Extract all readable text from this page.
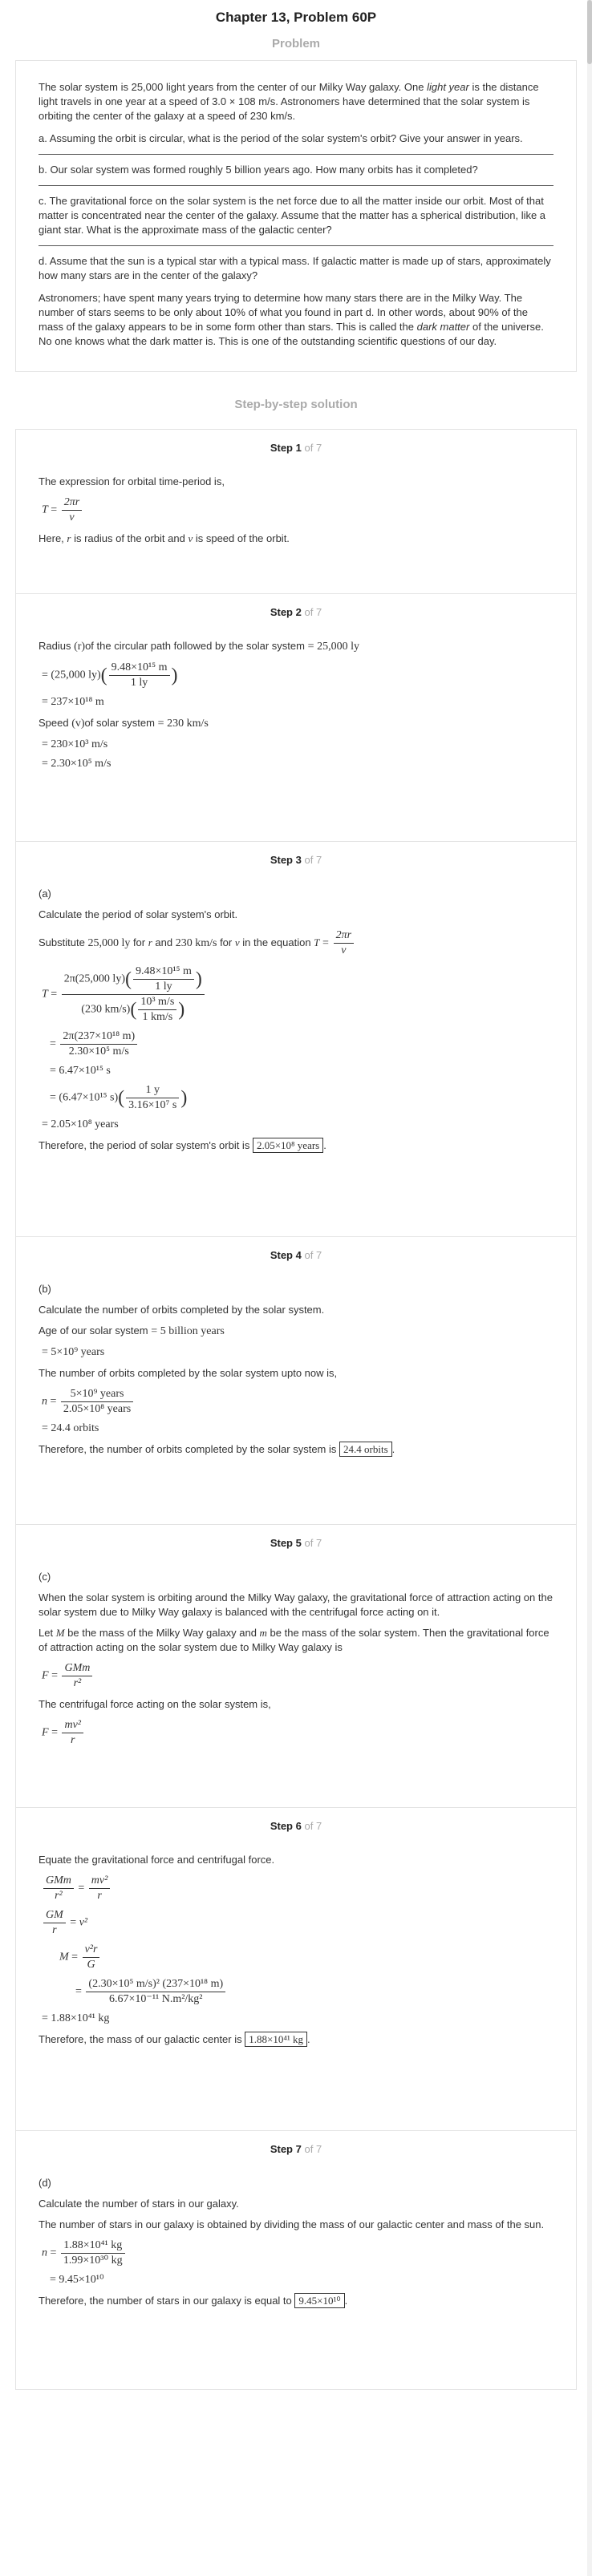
Chapter 13, Problem 60P
Problem

The solar system is 25,000 light years from the center of our Milky Way galaxy. One light year is the distance light travels in one year at a speed of 3.0 × 108 m/s. Astronomers have determined that the solar system is orbiting the center of the galaxy at a speed of 230 km/s.

a. Assuming the orbit is circular, what is the period of the solar system's orbit? Give your answer in years.

b. Our solar system was formed roughly 5 billion years ago. How many orbits has it completed?

c. The gravitational force on the solar system is the net force due to all the matter inside our orbit. Most of that matter is concentrated near the center of the galaxy. Assume that the matter has a spherical distribution, like a giant star. What is the approximate mass of the galactic center?

d. Assume that the sun is a typical star with a typical mass. If galactic matter is made up of stars, approximately how many stars are in the center of the galaxy?

Astronomers; have spent many years trying to determine how many stars there are in the Milky Way. The number of stars seems to be only about 10% of what you found in part d. In other words, about 90% of the mass of the galaxy appears to be in some form other than stars. This is called the dark matter of the universe. No one knows what the dark matter is. This is one of the outstanding scientific questions of our day.

Step-by-step solution
Step 1 of 7

The expression for orbital time-period is,

$T = \frac{2\pi r}{v}$

Here, r is radius of the orbit and v is speed of the orbit.

Step 2 of 7

Radius (r)of the circular path followed by the solar system = 25,000 ly

= (25,000 $ly)( \frac{\text{9.48×10¹⁵ m}}{1 ly}$ )
= 237×10¹⁸ m

Speed (v)of solar system = 230 km/s

= 230×10³ m/s
= 2.30×10⁵ m/s
Step 3 of 7

(a)

Calculate the period of solar system's orbit.

Substitute 25,000 ly for r and 230 km/s for v in the equation $T = \frac{2\pi r}{v}$

$T = \frac{2\pi(25,000 ly)( \frac{\text{9.48×10¹⁵ m}}{1 ly} )}{(230 km/s)( \frac{\text{10³ m/s}}{1 km/s} )}$
= $\frac{\text{2π(237×10¹⁸ m)}}{\text{2.30×10⁵ m/s}}$
= 6.47×10¹⁵ s
= (6.47×10¹⁵ $s)( \frac{1 y}{\text{3.16×10⁷ s}}$ )
= 2.05×10⁸ years

Therefore, the period of solar system's orbit is 2.05×10⁸ years .

Step 4 of 7

(b)

Calculate the number of orbits completed by the solar system.

Age of our solar system = 5 billion years

= 5×10⁹ years

The number of orbits completed by the solar system upto now is,

$n = \frac{\text{5×10⁹ years}}{\text{2.05×10⁸ years}}$
= 24.4 orbits

Therefore, the number of orbits completed by the solar system is 24.4 orbits .

Step 5 of 7

(c)

When the solar system is orbiting around the Milky Way galaxy, the gravitational force of attraction acting on the solar system due to Milky Way galaxy is balanced with the centrifugal force acting on it.

Let M be the mass of the Milky Way galaxy and m be the mass of the solar system. Then the gravitational force of attraction acting on the solar system due to Milky Way galaxy is

$F = \frac{\text{GMm}}{\text{r²}}$

The centrifugal force acting on the solar system is,

$F = \frac{\text{mv²}}{r}$
Step 6 of 7

Equate the gravitational force and centrifugal force.

$\frac{\text{GMm}}{\text{r²}} = \frac{\text{mv²}}{r}$
$\frac{GM}{r} = v^2$
$M = \frac{\text{v²r}}{G}$
= $\frac{\text{(2.30×10⁵ m/s)² (237×10¹⁸ m)}}{\text{6.67×10⁻¹¹ N.m²/kg²}}$
= 1.88×10⁴¹ kg

Therefore, the mass of our galactic center is 1.88×10⁴¹ kg .

Step 7 of 7

(d)

Calculate the number of stars in our galaxy.

The number of stars in our galaxy is obtained by dividing the mass of our galactic center and mass of the sun.

$n = \frac{\text{1.88×10⁴¹ kg}}{\text{1.99×10³⁰ kg}}$
= 9.45×10¹⁰

Therefore, the number of stars in our galaxy is equal to 9.45×10¹⁰ .
